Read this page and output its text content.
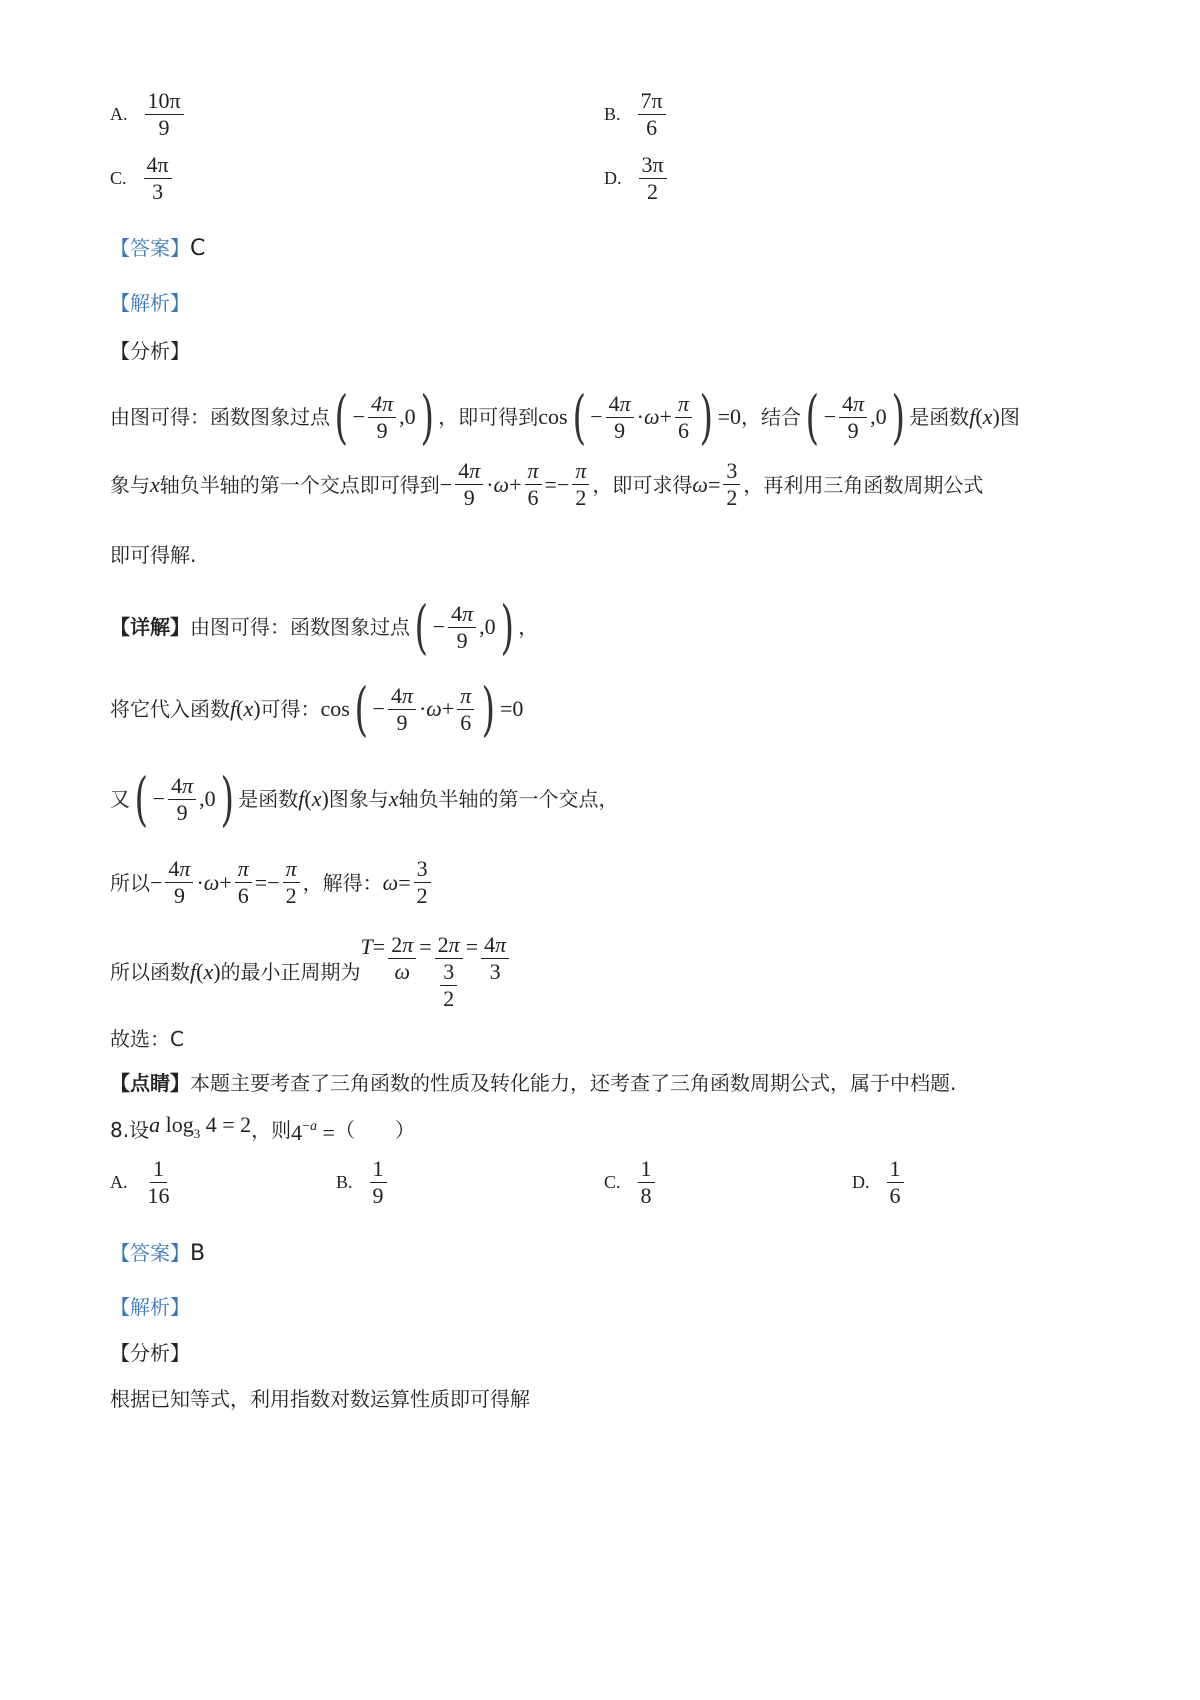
A. $\frac{10\pi}{9}$	B. $\frac{7\pi}{6}$
C. $\frac{4\pi}{3}$	D. $\frac{3\pi}{2}$
【答案】C
【解析】
【分析】
由图可得：函数图象过点 ( − $\frac{4\pi}{9} ,0$ ) ，即可得到 cos ( − $\frac{4\pi}{9} \cdot\omega+ \frac{\pi}{6}$ ) =0 ，结合 ( − $\frac{4\pi}{9} ,0$ ) 是函数 f(x) 图
象与 x 轴负半轴的第一个交点即可得到 − $\frac{4\pi}{9} \cdot\omega+ \frac{\pi}{6} =- \frac{\pi}{2}$ ，即可求得 $\omega = \frac{3}{2}$ ，再利用三角函数周期公式
即可得解.
【详解】 由图可得：函数图象过点 ( − $\frac{4\pi}{9} ,0$ ) ，
将它代入函数 f(x) 可得： cos ( − $\frac{4\pi}{9} \cdot\omega+ \frac{\pi}{6}$ ) =0
又 ( − $\frac{4\pi}{9} ,0$ ) 是函数 f(x) 图象与 x 轴负半轴的第一个交点，
所以 − $\frac{4\pi}{9} \cdot\omega+ \frac{\pi}{6} =- \frac{\pi}{2}$ ，解得： $\omega = \frac{3}{2}$
所以函数 f(x) 的最小正周期为
$T = \frac{2\pi}{\omega} = \frac{2\pi}{\frac{3}{2}} = \frac{4\pi}{3}$
故选：C
【点睛】本题主要考查了三角函数的性质及转化能力，还考查了三角函数周期公式，属于中档题.
8.设 a $\log_3 4 = 2$ ，则 $4^{-a}$ = （　　）
A. $\frac{1}{16}$	B. $\frac{1}{9}$	C. $\frac{1}{8}$	D. $\frac{1}{6}$
【答案】B
【解析】
【分析】
根据已知等式，利用指数对数运算性质即可得解
